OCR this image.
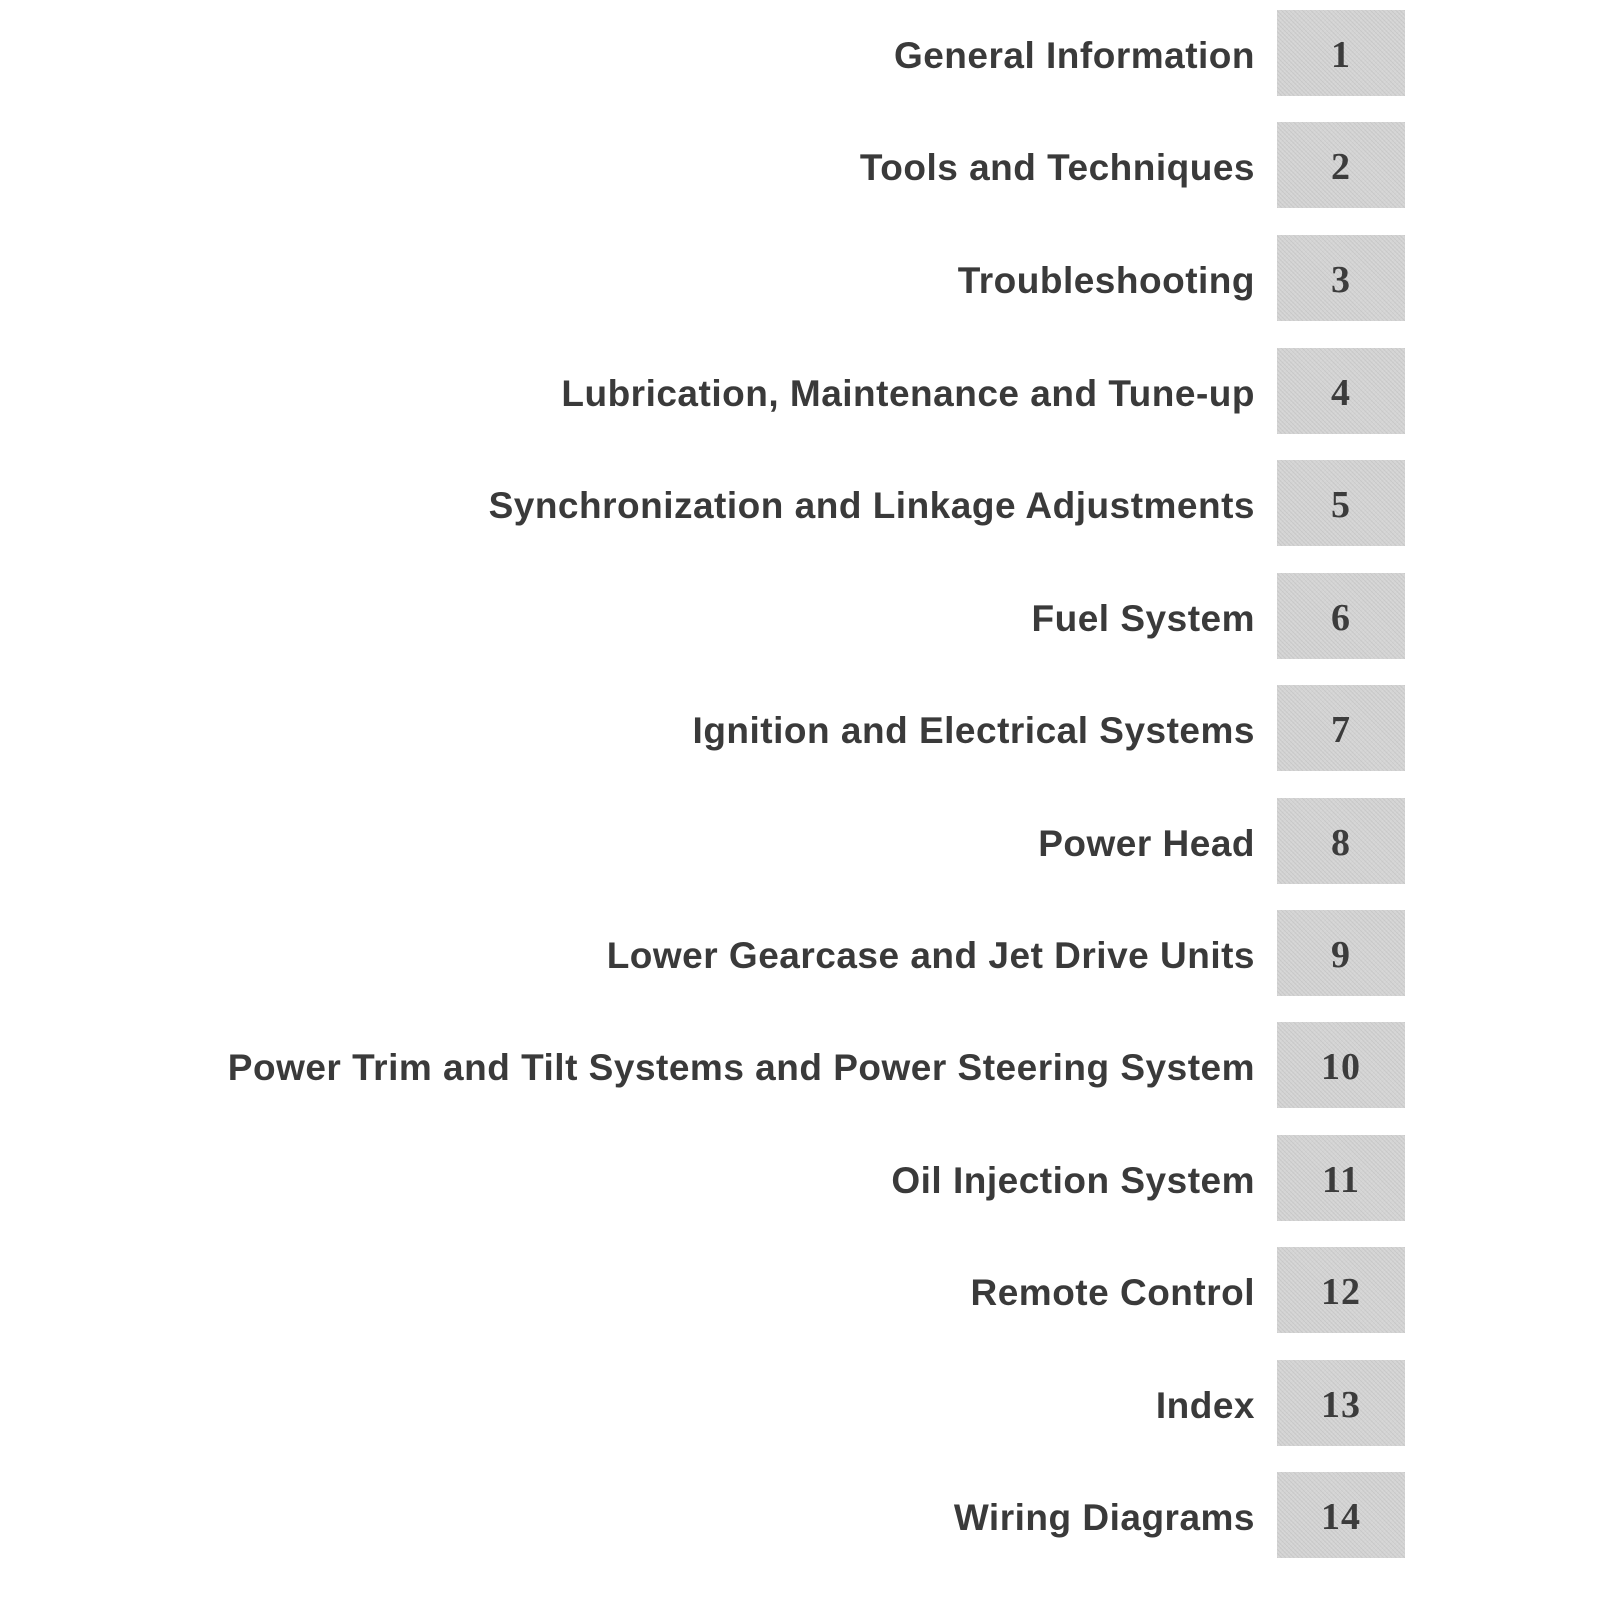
General Information 1
Tools and Techniques 2
Troubleshooting 3
Lubrication, Maintenance and Tune-up 4
Synchronization and Linkage Adjustments 5
Fuel System 6
Ignition and Electrical Systems 7
Power Head 8
Lower Gearcase and Jet Drive Units 9
Power Trim and Tilt Systems and Power Steering System 10
Oil Injection System 11
Remote Control 12
Index 13
Wiring Diagrams 14
